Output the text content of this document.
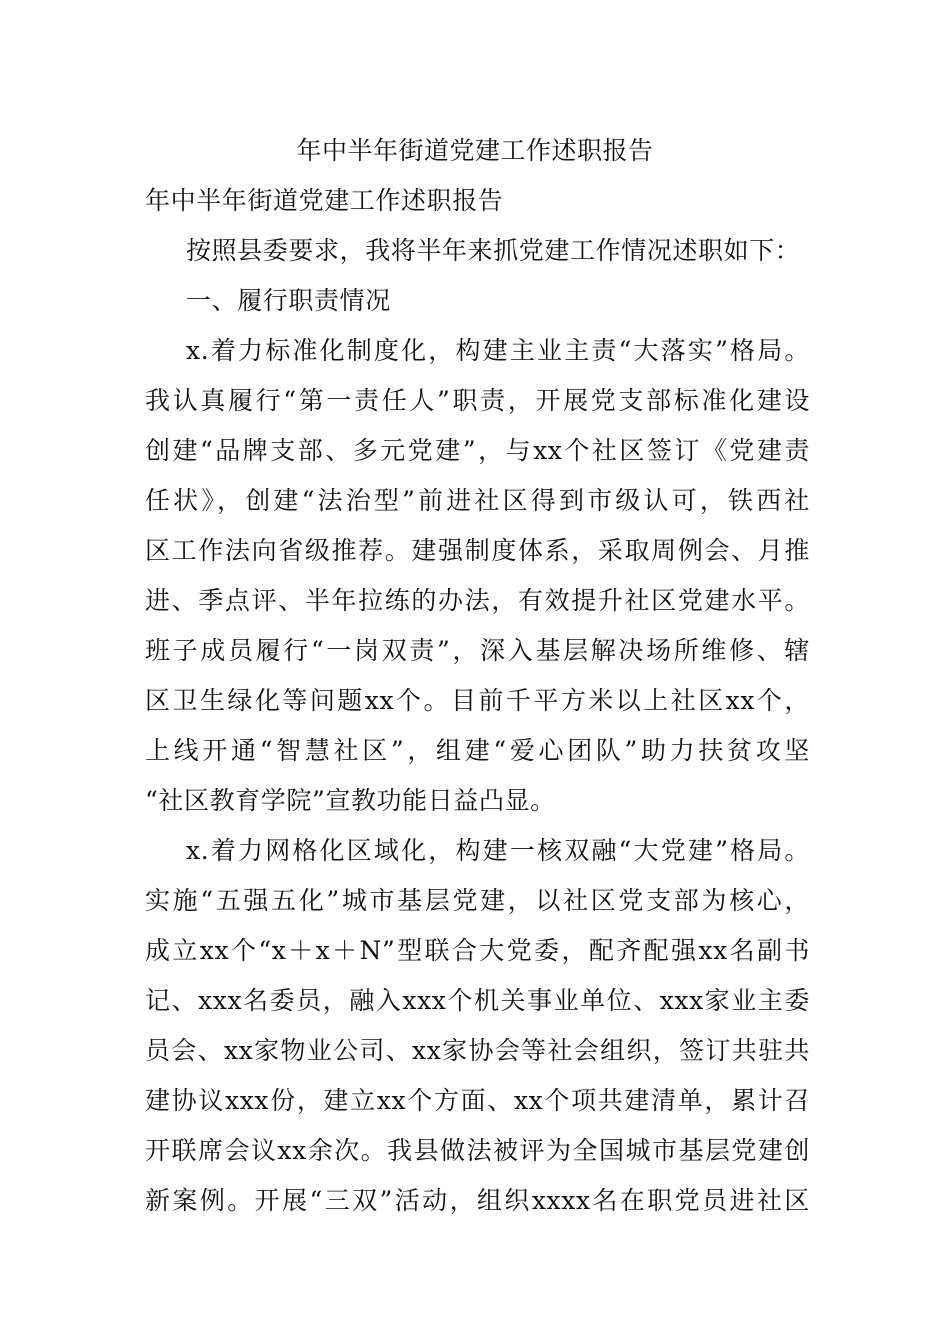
年中半年街道党建工作述职报告
年中半年街道党建工作述职报告
按照县委要求，我将半年来抓党建工作情况述职如下：
一、履行职责情况
x.着力标准化制度化，构建主业主责“大落实”格局。
我认真履行“第一责任人”职责，开展党支部标准化建设
创建“品牌支部、多元党建”，与xx个社区签订《党建责
任状》，创建“法治型”前进社区得到市级认可，铁西社
区工作法向省级推荐。建强制度体系，采取周例会、月推
进、季点评、半年拉练的办法，有效提升社区党建水平。
班子成员履行“一岗双责”，深入基层解决场所维修、辖
区卫生绿化等问题xx个。目前千平方米以上社区xx个，
上线开通“智慧社区”，组建“爱心团队”助力扶贫攻坚
“社区教育学院”宣教功能日益凸显。
x.着力网格化区域化，构建一核双融“大党建”格局。
实施“五强五化”城市基层党建，以社区党支部为核心，
成立xx个“x＋x＋N”型联合大党委，配齐配强xx名副书
记、xxx名委员，融入xxx个机关事业单位、xxx家业主委
员会、xx家物业公司、xx家协会等社会组织，签订共驻共
建协议xxx份，建立xx个方面、xx个项共建清单，累计召
开联席会议xx余次。我县做法被评为全国城市基层党建创
新案例。开展“三双”活动，组织xxxx名在职党员进社区
